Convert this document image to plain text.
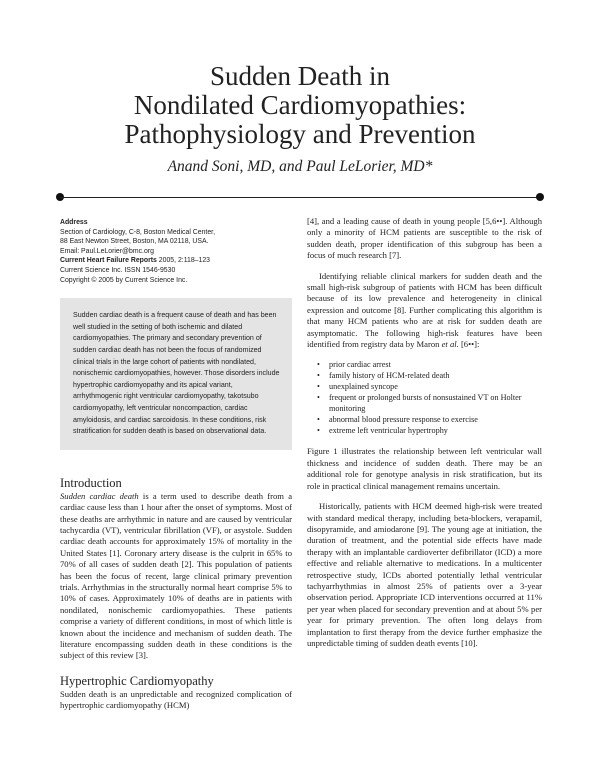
Sudden Death in
Nondilated Cardiomyopathies:
Pathophysiology and Prevention
Anand Soni, MD, and Paul LeLorier, MD*
Address
Section of Cardiology, C-8, Boston Medical Center,
88 East Newton Street, Boston, MA 02118, USA.
Email: Paul.LeLorier@bmc.org
Current Heart Failure Reports 2005, 2:118–123
Current Science Inc. ISSN 1546-9530
Copyright © 2005 by Current Science Inc.
Sudden cardiac death is a frequent cause of death and has been well studied in the setting of both ischemic and dilated cardiomyopathies. The primary and secondary prevention of sudden cardiac death has not been the focus of randomized clinical trials in the large cohort of patients with nondilated, nonischemic cardiomyopathies, however. Those disorders include hypertrophic cardiomyopathy and its apical variant, arrhythmogenic right ventricular cardiomyopathy, takotsubo cardiomyopathy, left ventricular noncompaction, cardiac amyloidosis, and cardiac sarcoidosis. In these conditions, risk stratification for sudden death is based on observational data.
Introduction

Sudden cardiac death is a term used to describe death from a cardiac cause less than 1 hour after the onset of symptoms. Most of these deaths are arrhythmic in nature and are caused by ventricular tachycardia (VT), ventricular fibrillation (VF), or asystole. Sudden cardiac death accounts for approximately 15% of mortality in the United States [1]. Coronary artery disease is the culprit in 65% to 70% of all cases of sudden death [2]. This population of patients has been the focus of recent, large clinical primary prevention trials. Arrhythmias in the structurally normal heart comprise 5% to 10% of cases. Approximately 10% of deaths are in patients with nondilated, nonischemic cardiomyopathies. These patients comprise a variety of different conditions, in most of which little is known about the incidence and mechanism of sudden death. The literature encompassing sudden death in these conditions is the subject of this review [3].

Hypertrophic Cardiomyopathy

Sudden death is an unpredictable and recognized complication of hypertrophic cardiomyopathy (HCM)

[4], and a leading cause of death in young people [5,6••]. Although only a minority of HCM patients are susceptible to the risk of sudden death, proper identification of this subgroup has been a focus of much research [7].

Identifying reliable clinical markers for sudden death and the small high-risk subgroup of patients with HCM has been difficult because of its low prevalence and heterogeneity in clinical expression and outcome [8]. Further complicating this algorithm is that many HCM patients who are at risk for sudden death are asymptomatic. The following high-risk features have been identified from registry data by Maron et al. [6••]:

• prior cardiac arrest
• family history of HCM-related death
• unexplained syncope
• frequent or prolonged bursts of nonsustained VT on Holter monitoring
• abnormal blood pressure response to exercise
• extreme left ventricular hypertrophy

Figure 1 illustrates the relationship between left ventricular wall thickness and incidence of sudden death. There may be an additional role for genotype analysis in risk stratification, but its role in practical clinical management remains uncertain.

Historically, patients with HCM deemed high-risk were treated with standard medical therapy, including beta-blockers, verapamil, disopyramide, and amiodarone [9]. The young age at initiation, the duration of treatment, and the potential side effects have made therapy with an implantable cardioverter defibrillator (ICD) a more effective and reliable alternative to medications. In a multicenter retrospective study, ICDs aborted potentially lethal ventricular tachyarrhythmias in almost 25% of patients over a 3-year observation period. Appropriate ICD interventions occurred at 11% per year when placed for secondary prevention and at about 5% per year for primary prevention. The often long delays from implantation to first therapy from the device further emphasize the unpredictable timing of sudden death events [10].
